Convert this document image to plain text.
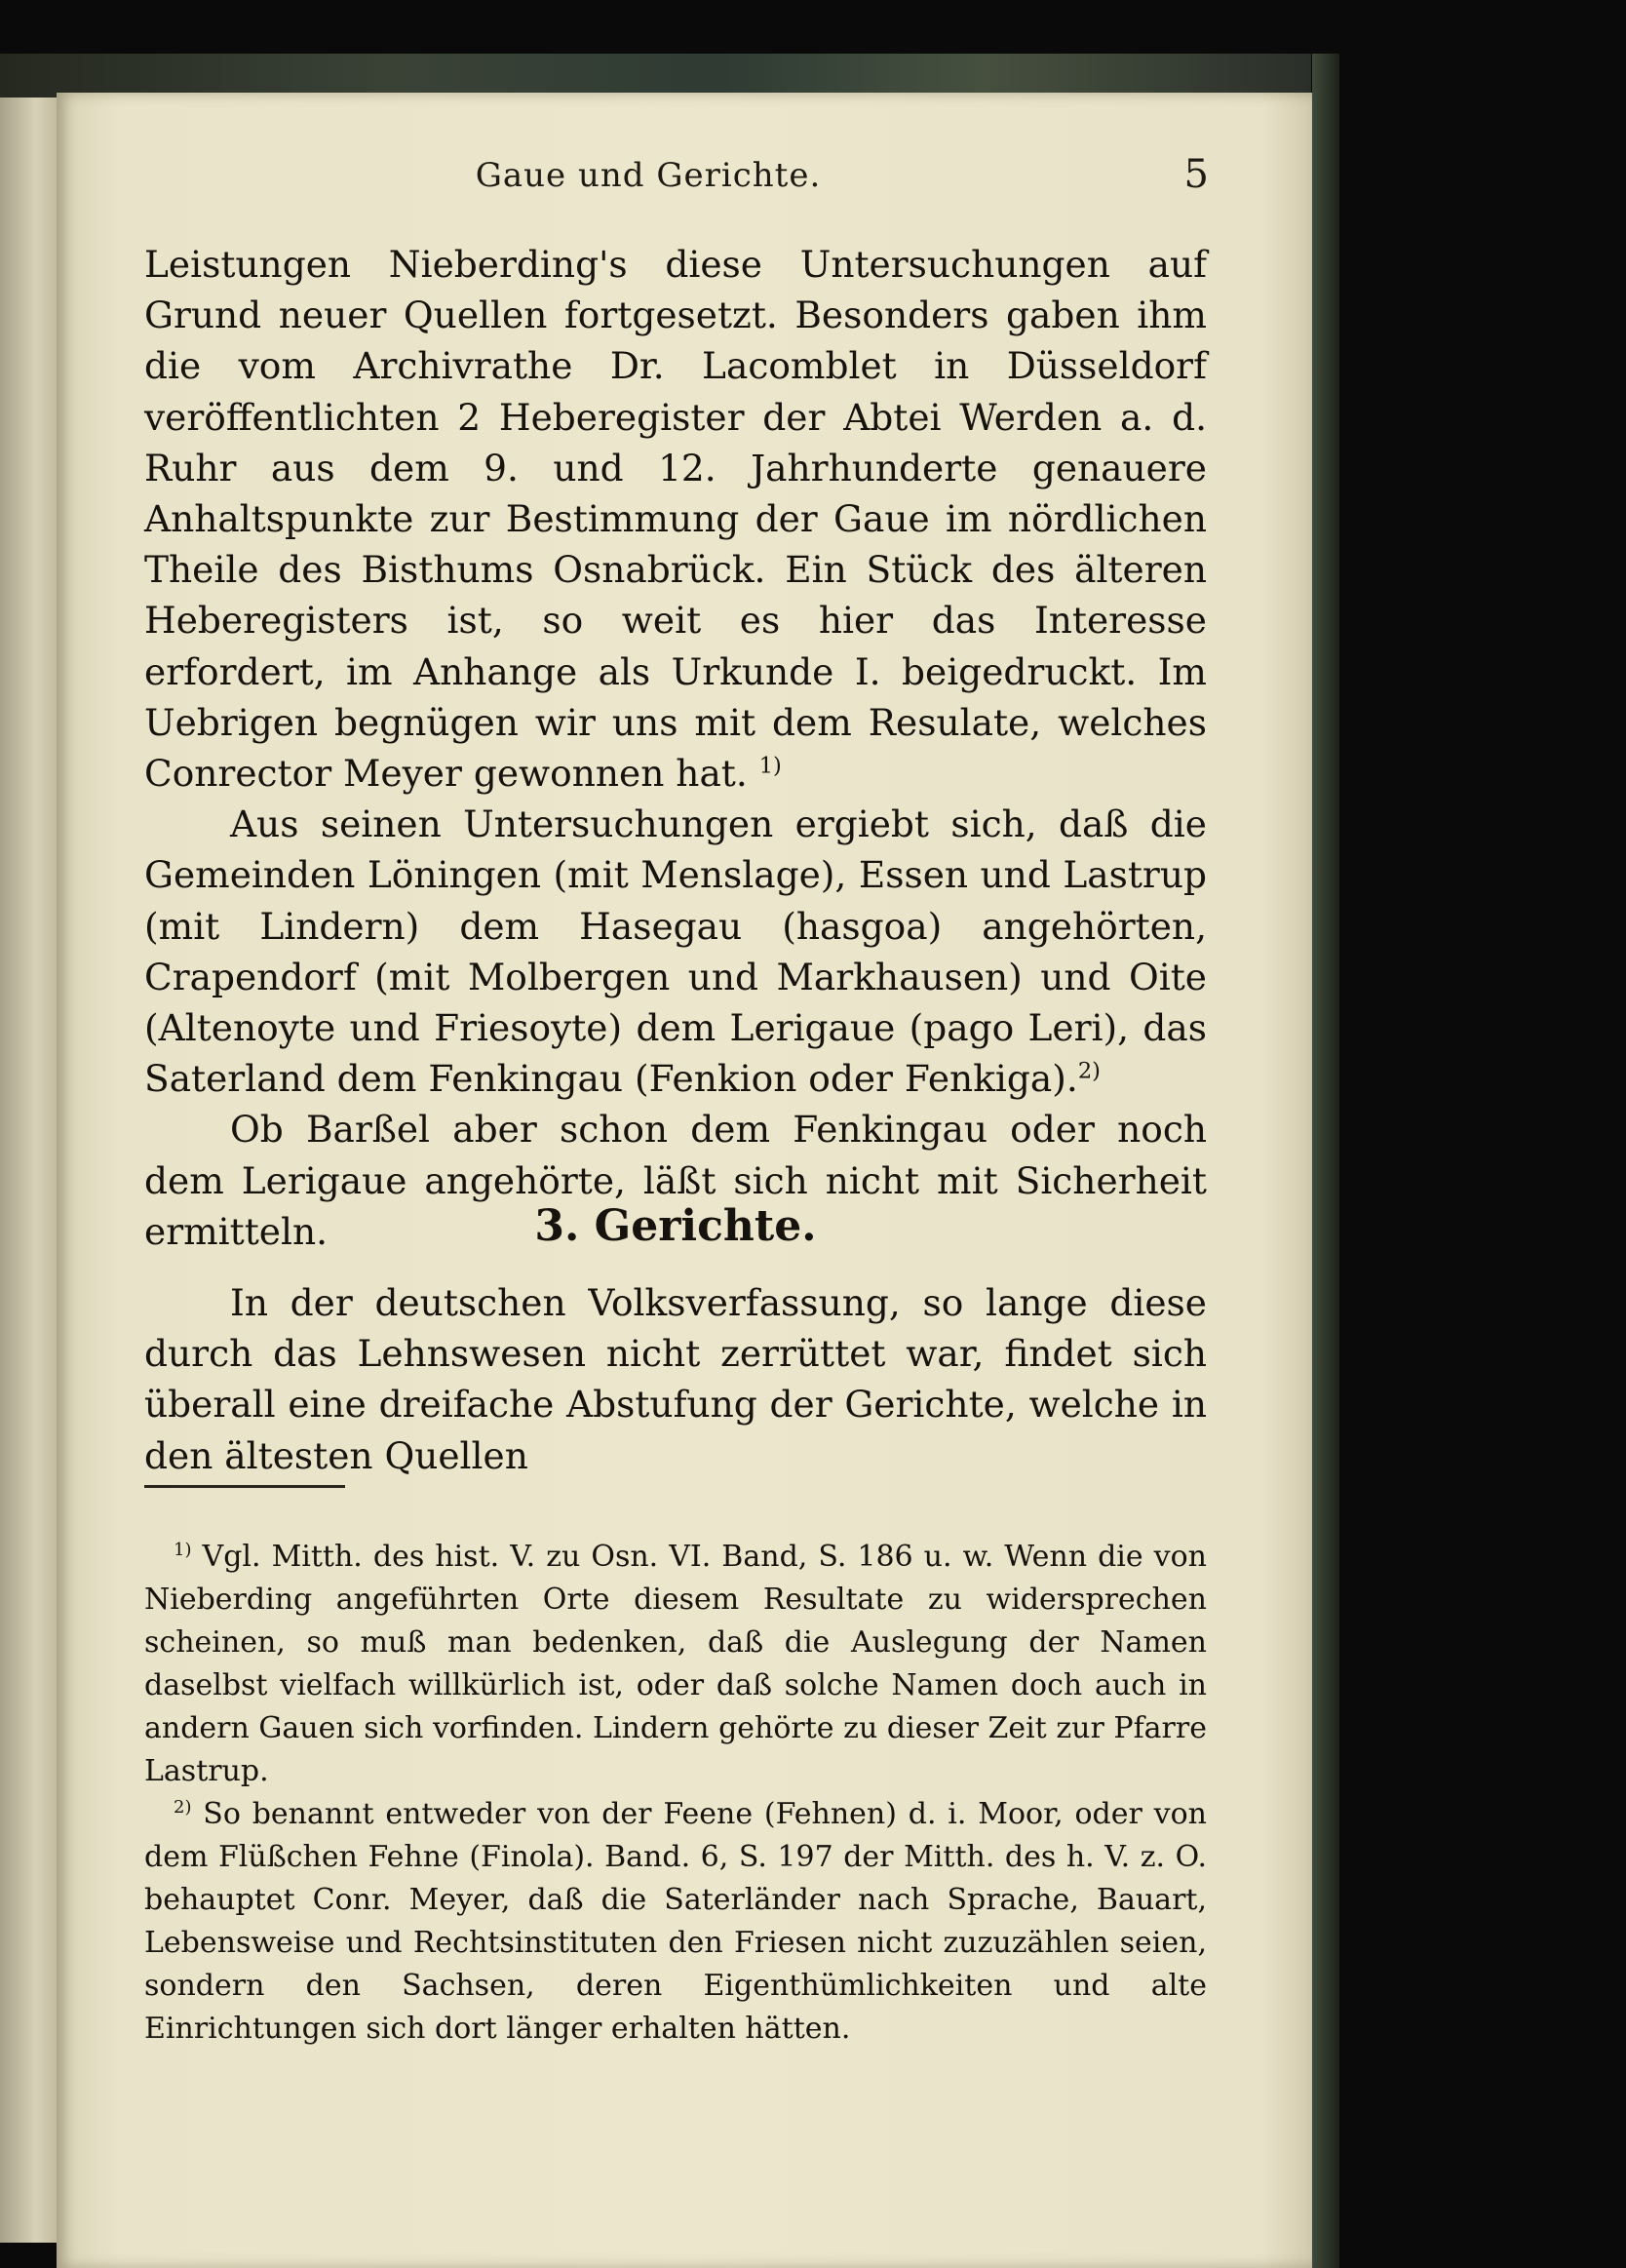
Gaue und Gerichte.	5

Leistungen Nieberding's diese Untersuchungen auf Grund neuer Quellen fortgesetzt. Besonders gaben ihm die vom Archivrathe Dr. Lacomblet in Düsseldorf veröffentlichten 2 Heberegister der Abtei Werden a. d. Ruhr aus dem 9. und 12. Jahrhunderte genauere Anhaltspunkte zur Bestimmung der Gaue im nördlichen Theile des Bisthums Osnabrück. Ein Stück des älteren Heberegisters ist, so weit es hier das Interesse erfordert, im Anhange als Urkunde I. beigedruckt. Im Uebrigen begnügen wir uns mit dem Resulate, welches Conrector Meyer gewonnen hat. $^{1)}$

Aus seinen Untersuchungen ergiebt sich, daß die Gemeinden Löningen (mit Menslage), Essen und Lastrup (mit Lindern) dem Hasegau (hasgoa) angehörten, Crapendorf (mit Molbergen und Markhausen) und Oite (Altenoyte und Friesoyte) dem Lerigaue (pago Leri), das Saterland dem Fenkingau (Fenkion oder Fenkiga).$^{2)}$

Ob Barßel aber schon dem Fenkingau oder noch dem Lerigaue angehörte, läßt sich nicht mit Sicherheit ermitteln.	3. Gerichte.

In der deutschen Volksverfassung, so lange diese durch das Lehnswesen nicht zerrüttet war, findet sich überall eine dreifache Abstufung der Gerichte, welche in den ältesten Quellen

$^{1)}$ Vgl. Mitth. des hist. V. zu Osn. VI. Band, S. 186 u. w. Wenn die von Nieberding angeführten Orte diesem Resultate zu widersprechen scheinen, so muß man bedenken, daß die Auslegung der Namen daselbst vielfach willkürlich ist, oder daß solche Namen doch auch in andern Gauen sich vorfinden. Lindern gehörte zu dieser Zeit zur Pfarre Lastrup.

$^{2)}$ So benannt entweder von der Feene (Fehnen) d. i. Moor, oder von dem Flüßchen Fehne (Finola). Band. 6, S. 197 der Mitth. des h. V. z. O. behauptet Conr. Meyer, daß die Saterländer nach Sprache, Bauart, Lebensweise und Rechtsinstituten den Friesen nicht zuzuzählen seien, sondern den Sachsen, deren Eigenthümlichkeiten und alte Einrichtungen sich dort länger erhalten hätten.
